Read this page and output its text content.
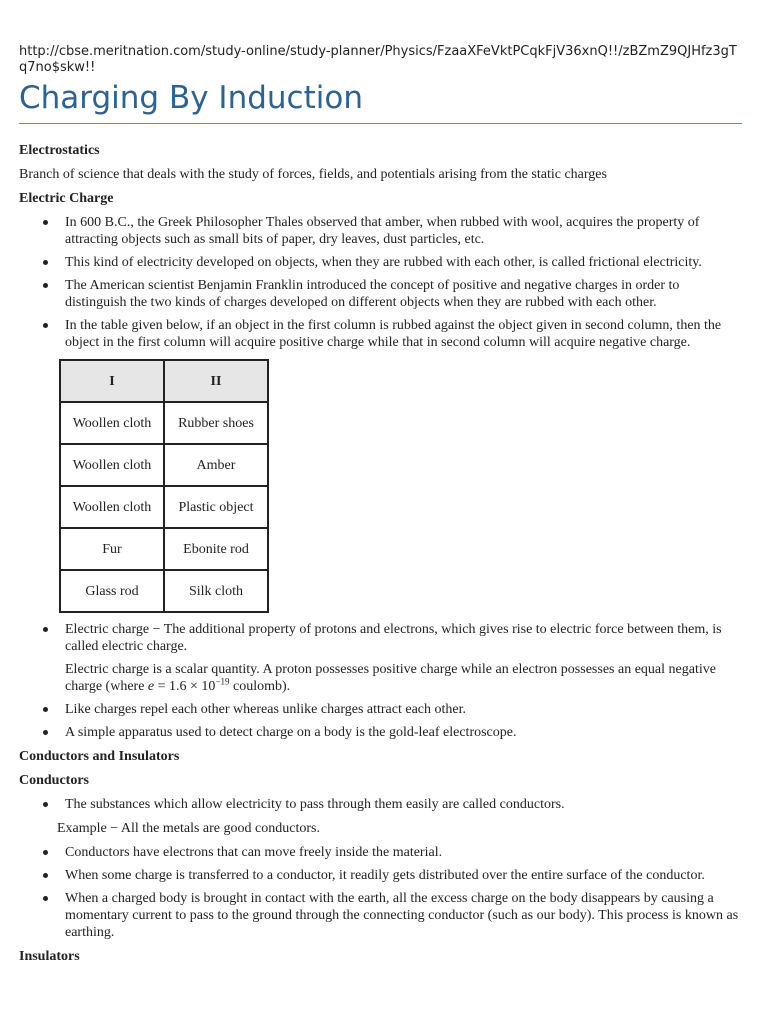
http://cbse.meritnation.com/study-online/study-planner/Physics/FzaaXFeVktPCqkFjV36xnQ!!/zBZmZ9QJHfz3gTq7no$skw!!
Charging By Induction
Electrostatics
Branch of science that deals with the study of forces, fields, and potentials arising from the static charges
Electric Charge
In 600 B.C., the Greek Philosopher Thales observed that amber, when rubbed with wool, acquires the property of attracting objects such as small bits of paper, dry leaves, dust particles, etc.
This kind of electricity developed on objects, when they are rubbed with each other, is called frictional electricity.
The American scientist Benjamin Franklin introduced the concept of positive and negative charges in order to distinguish the two kinds of charges developed on different objects when they are rubbed with each other.
In the table given below, if an object in the first column is rubbed against the object given in second column, then the object in the first column will acquire positive charge while that in second column will acquire negative charge.
I	II
Woollen cloth	Rubber shoes
Woollen cloth	Amber
Woollen cloth	Plastic object
Fur	Ebonite rod
Glass rod	Silk cloth
Electric charge − The additional property of protons and electrons, which gives rise to electric force between them, is called electric charge.
Electric charge is a scalar quantity. A proton possesses positive charge while an electron possesses an equal negative charge (where $e = 1.6 \times 10^{-19}$ coulomb).
Like charges repel each other whereas unlike charges attract each other.
A simple apparatus used to detect charge on a body is the gold-leaf electroscope.
Conductors and Insulators
Conductors
The substances which allow electricity to pass through them easily are called conductors.
Example − All the metals are good conductors.
Conductors have electrons that can move freely inside the material.
When some charge is transferred to a conductor, it readily gets distributed over the entire surface of the conductor.
When a charged body is brought in contact with the earth, all the excess charge on the body disappears by causing a momentary current to pass to the ground through the connecting conductor (such as our body). This process is known as earthing.
Insulators
